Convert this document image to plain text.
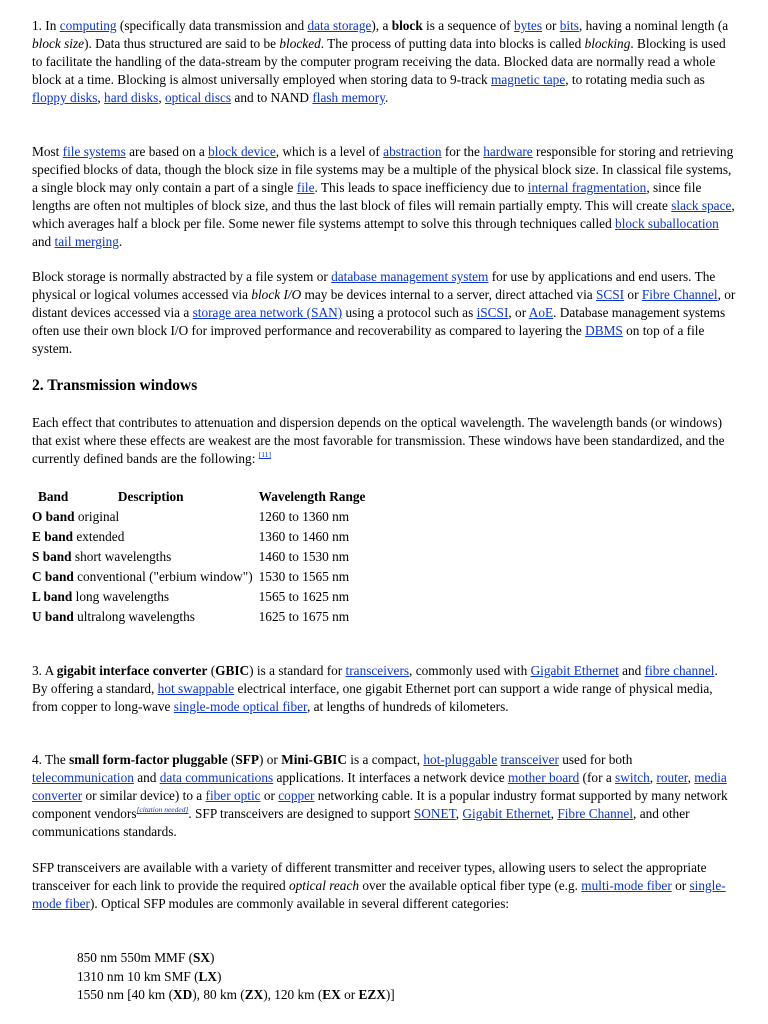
1. In computing (specifically data transmission and data storage), a block is a sequence of bytes or bits, having a nominal length (a block size). Data thus structured are said to be blocked. The process of putting data into blocks is called blocking. Blocking is used to facilitate the handling of the data-stream by the computer program receiving the data. Blocked data are normally read a whole block at a time. Blocking is almost universally employed when storing data to 9-track magnetic tape, to rotating media such as floppy disks, hard disks, optical discs and to NAND flash memory.

Most file systems are based on a block device, which is a level of abstraction for the hardware responsible for storing and retrieving specified blocks of data, though the block size in file systems may be a multiple of the physical block size. In classical file systems, a single block may only contain a part of a single file. This leads to space inefficiency due to internal fragmentation, since file lengths are often not multiples of block size, and thus the last block of files will remain partially empty. This will create slack space, which averages half a block per file. Some newer file systems attempt to solve this through techniques called block suballocation and tail merging.

Block storage is normally abstracted by a file system or database management system for use by applications and end users. The physical or logical volumes accessed via block I/O may be devices internal to a server, direct attached via SCSI or Fibre Channel, or distant devices accessed via a storage area network (SAN) using a protocol such as iSCSI, or AoE. Database management systems often use their own block I/O for improved performance and recoverability as compared to layering the DBMS on top of a file system.

2. Transmission windows

Each effect that contributes to attenuation and dispersion depends on the optical wavelength. The wavelength bands (or windows) that exist where these effects are weakest are the most favorable for transmission. These windows have been standardized, and the currently defined bands are the following: [11]

Band	Description	Wavelength Range
O band original		1260 to 1360 nm
E band extended		1360 to 1460 nm
S band short wavelengths		1460 to 1530 nm
C band conventional ("erbium window")		1530 to 1565 nm
L band long wavelengths		1565 to 1625 nm
U band ultralong wavelengths		1625 to 1675 nm

3. A gigabit interface converter (GBIC) is a standard for transceivers, commonly used with Gigabit Ethernet and fibre channel. By offering a standard, hot swappable electrical interface, one gigabit Ethernet port can support a wide range of physical media, from copper to long-wave single-mode optical fiber, at lengths of hundreds of kilometers.

4. The small form-factor pluggable (SFP) or Mini-GBIC is a compact, hot-pluggable transceiver used for both telecommunication and data communications applications. It interfaces a network device mother board (for a switch, router, media converter or similar device) to a fiber optic or copper networking cable. It is a popular industry format supported by many network component vendors[citation needed]. SFP transceivers are designed to support SONET, Gigabit Ethernet, Fibre Channel, and other communications standards.

SFP transceivers are available with a variety of different transmitter and receiver types, allowing users to select the appropriate transceiver for each link to provide the required optical reach over the available optical fiber type (e.g. multi-mode fiber or single-mode fiber). Optical SFP modules are commonly available in several different categories:

850 nm 550m MMF (SX)
1310 nm 10 km SMF (LX)
1550 nm [40 km (XD), 80 km (ZX), 120 km (EX or EZX)]
